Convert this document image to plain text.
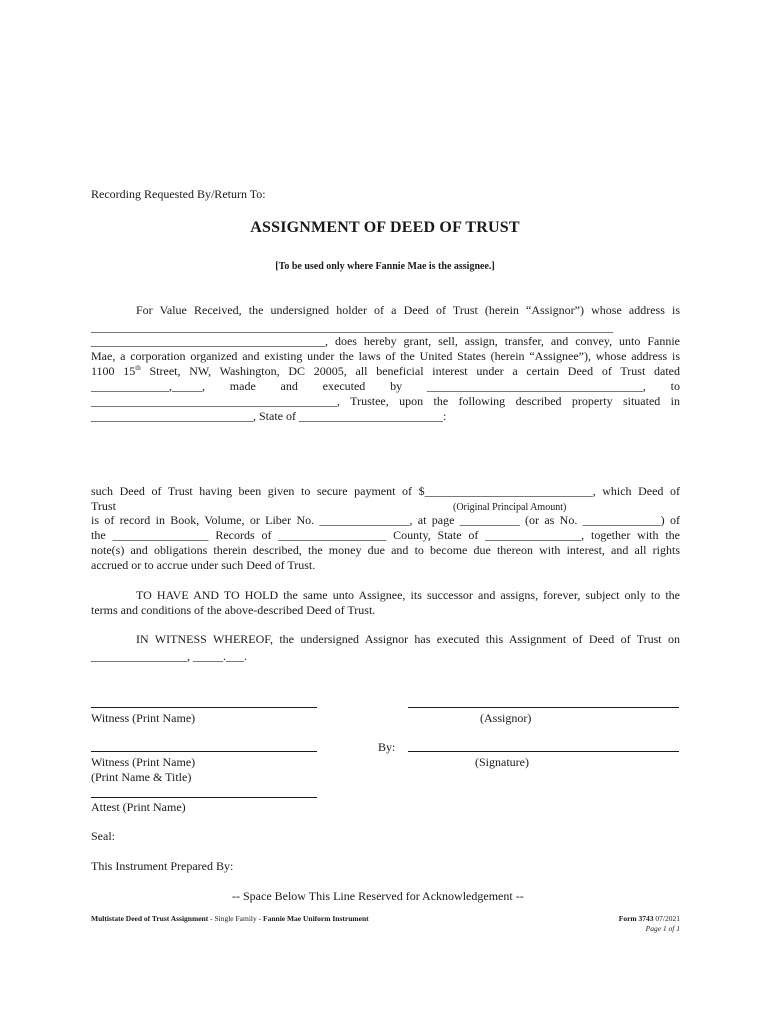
Recording Requested By/Return To:
ASSIGNMENT OF DEED OF TRUST
[To be used only where Fannie Mae is the assignee.]
For Value Received, the undersigned holder of a Deed of Trust (herein “Assignor”) whose address is
_______________________________________________________________________________________
_______________________________________, does hereby grant, sell, assign, transfer, and convey, unto Fannie
Mae, a corporation organized and existing under the laws of the United States (herein “Assignee”), whose address is
1100 15th Street, NW, Washington, DC 20005, all beneficial interest under a certain Deed of Trust dated
_____________,_____, made and executed by ____________________________________, to
_________________________________________, Trustee, upon the following described property situated in
___________________________, State of ________________________:
such Deed of Trust having been given to secure payment of $____________________________, which Deed of
Trust	(Original Principal Amount)
is of record in Book, Volume, or Liber No. _______________, at page __________ (or as No. _____________) of
the ________________ Records of __________________ County, State of ________________, together with the
note(s) and obligations therein described, the money due and to become due thereon with interest, and all rights
accrued or to accrue under such Deed of Trust.
TO HAVE AND TO HOLD the same unto Assignee, its successor and assigns, forever, subject only to the
terms and conditions of the above-described Deed of Trust.
IN WITNESS WHEREOF, the undersigned Assignor has executed this Assignment of Deed of Trust on
________________, _____.___.
Witness (Print Name)	(Assignor)
By:
Witness (Print Name)	(Signature)
(Print Name & Title)
Attest (Print Name)
Seal:
This Instrument Prepared By:
-- Space Below This Line Reserved for Acknowledgement --
Multistate Deed of Trust Assignment - Single Family - Fannie Mae Uniform Instrument	Form 3743 07/2021
Page 1 of 1
